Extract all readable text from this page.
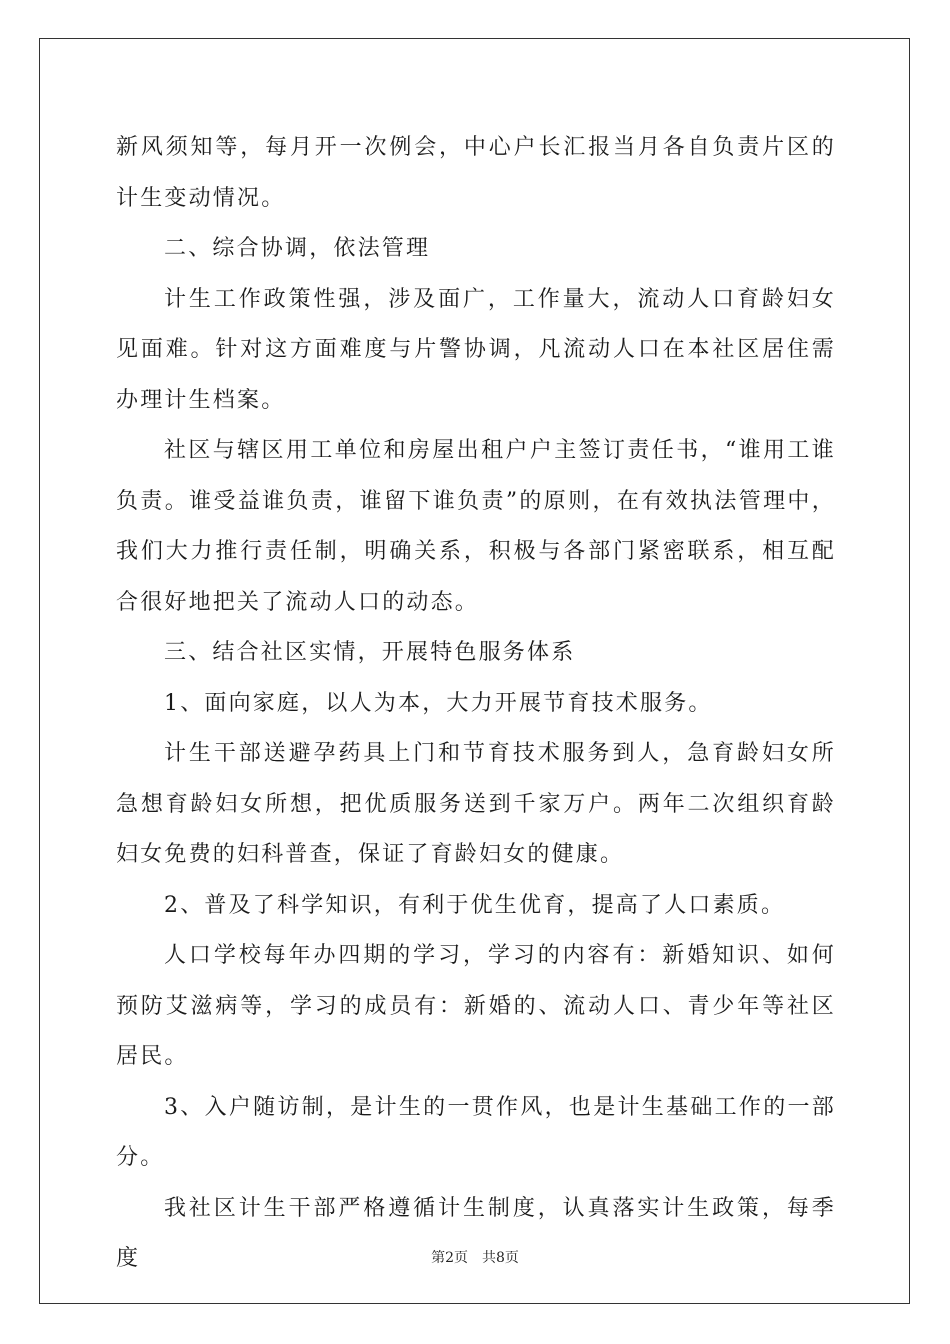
新风须知等，每月开一次例会，中心户长汇报当月各自负责片区的计生变动情况。

二、综合协调，依法管理

计生工作政策性强，涉及面广，工作量大，流动人口育龄妇女见面难。针对这方面难度与片警协调，凡流动人口在本社区居住需办理计生档案。

社区与辖区用工单位和房屋出租户户主签订责任书，“谁用工谁负责。谁受益谁负责，谁留下谁负责”的原则，在有效执法管理中，我们大力推行责任制，明确关系，积极与各部门紧密联系，相互配合很好地把关了流动人口的动态。

三、结合社区实情，开展特色服务体系

1、面向家庭，以人为本，大力开展节育技术服务。

计生干部送避孕药具上门和节育技术服务到人，急育龄妇女所急想育龄妇女所想，把优质服务送到千家万户。两年二次组织育龄妇女免费的妇科普查，保证了育龄妇女的健康。

2、普及了科学知识，有利于优生优育，提高了人口素质。

人口学校每年办四期的学习，学习的内容有：新婚知识、如何预防艾滋病等，学习的成员有：新婚的、流动人口、青少年等社区居民。

3、入户随访制，是计生的一贯作风，也是计生基础工作的一部分。

我社区计生干部严格遵循计生制度，认真落实计生政策，每季度	第2页 共8页
